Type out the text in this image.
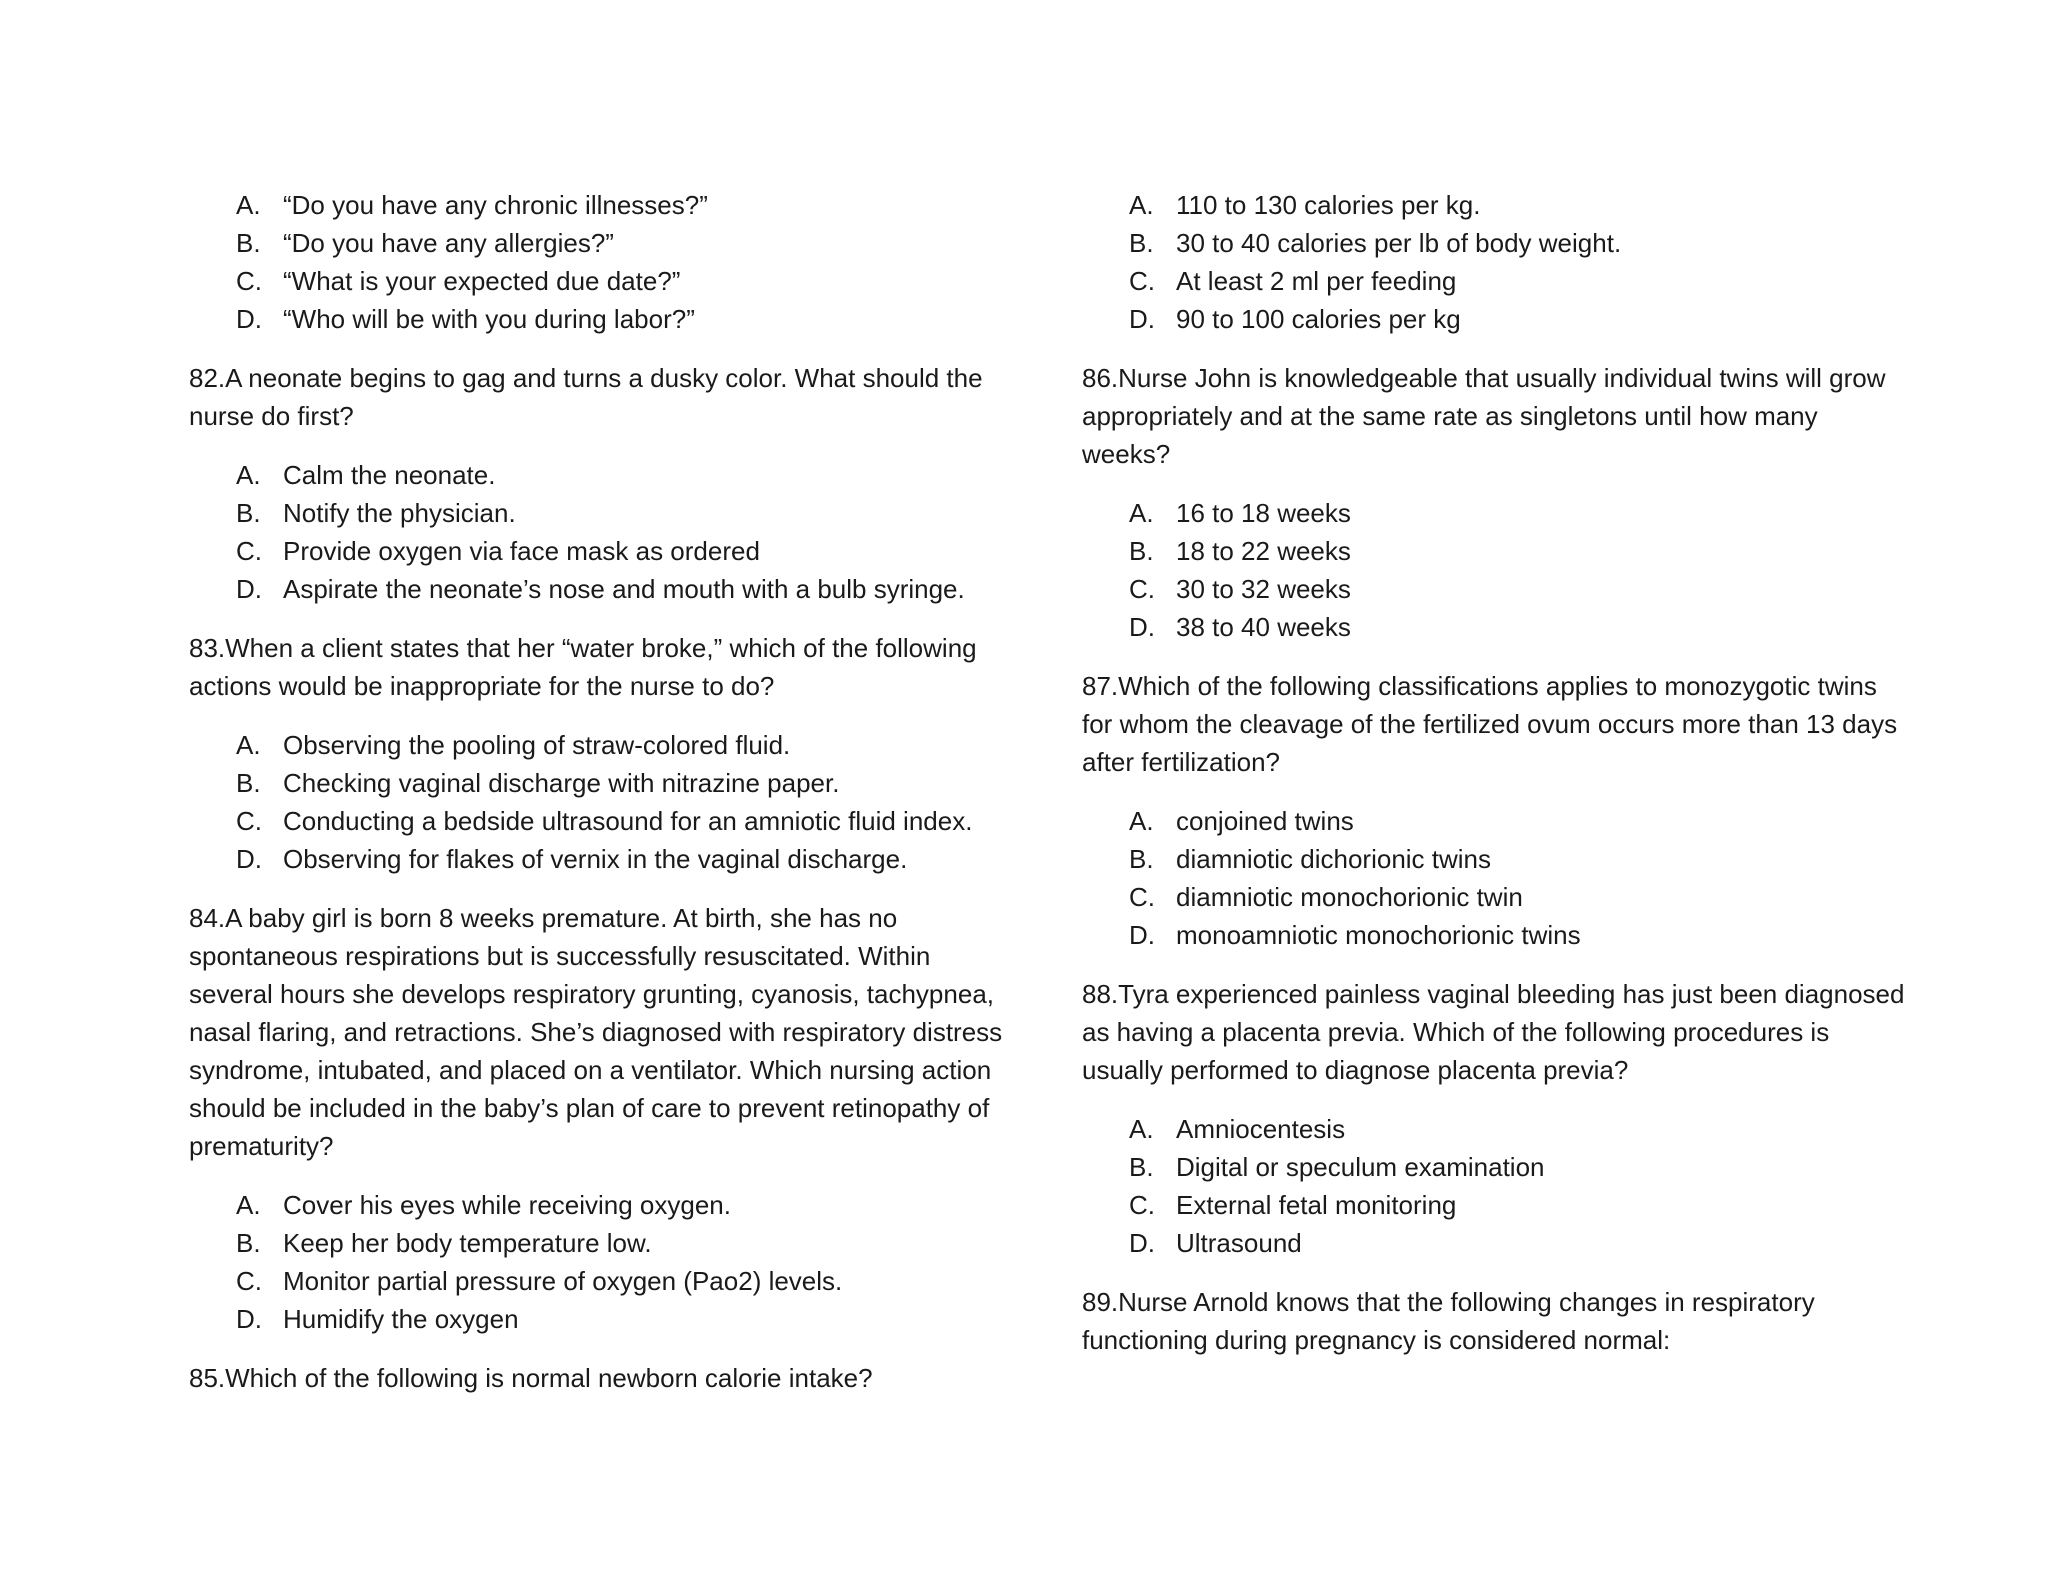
A. “Do you have any chronic illnesses?”
B. “Do you have any allergies?”
C. “What is your expected due date?”
D. “Who will be with you during labor?”

82.A neonate begins to gag and turns a dusky color. What should the nurse do first?

A. Calm the neonate.
B. Notify the physician.
C. Provide oxygen via face mask as ordered
D. Aspirate the neonate’s nose and mouth with a bulb syringe.

83.When a client states that her “water broke,” which of the following actions would be inappropriate for the nurse to do?

A. Observing the pooling of straw-colored fluid.
B. Checking vaginal discharge with nitrazine paper.
C. Conducting a bedside ultrasound for an amniotic fluid index.
D. Observing for flakes of vernix in the vaginal discharge.

84.A baby girl is born 8 weeks premature. At birth, she has no spontaneous respirations but is successfully resuscitated. Within several hours she develops respiratory grunting, cyanosis, tachypnea, nasal flaring, and retractions. She’s diagnosed with respiratory distress syndrome, intubated, and placed on a ventilator. Which nursing action should be included in the baby’s plan of care to prevent retinopathy of prematurity?

A. Cover his eyes while receiving oxygen.
B. Keep her body temperature low.
C. Monitor partial pressure of oxygen (Pao2) levels.
D. Humidify the oxygen

85.Which of the following is normal newborn calorie intake?

A. 110 to 130 calories per kg.
B. 30 to 40 calories per lb of body weight.
C. At least 2 ml per feeding
D. 90 to 100 calories per kg

86.Nurse John is knowledgeable that usually individual twins will grow appropriately and at the same rate as singletons until how many weeks?

A. 16 to 18 weeks
B. 18 to 22 weeks
C. 30 to 32 weeks
D. 38 to 40 weeks

87.Which of the following classifications applies to monozygotic twins for whom the cleavage of the fertilized ovum occurs more than 13 days after fertilization?

A. conjoined twins
B. diamniotic dichorionic twins
C. diamniotic monochorionic twin
D. monoamniotic monochorionic twins

88.Tyra experienced painless vaginal bleeding has just been diagnosed as having a placenta previa. Which of the following procedures is usually performed to diagnose placenta previa?

A. Amniocentesis
B. Digital or speculum examination
C. External fetal monitoring
D. Ultrasound

89.Nurse Arnold knows that the following changes in respiratory functioning during pregnancy is considered normal:
